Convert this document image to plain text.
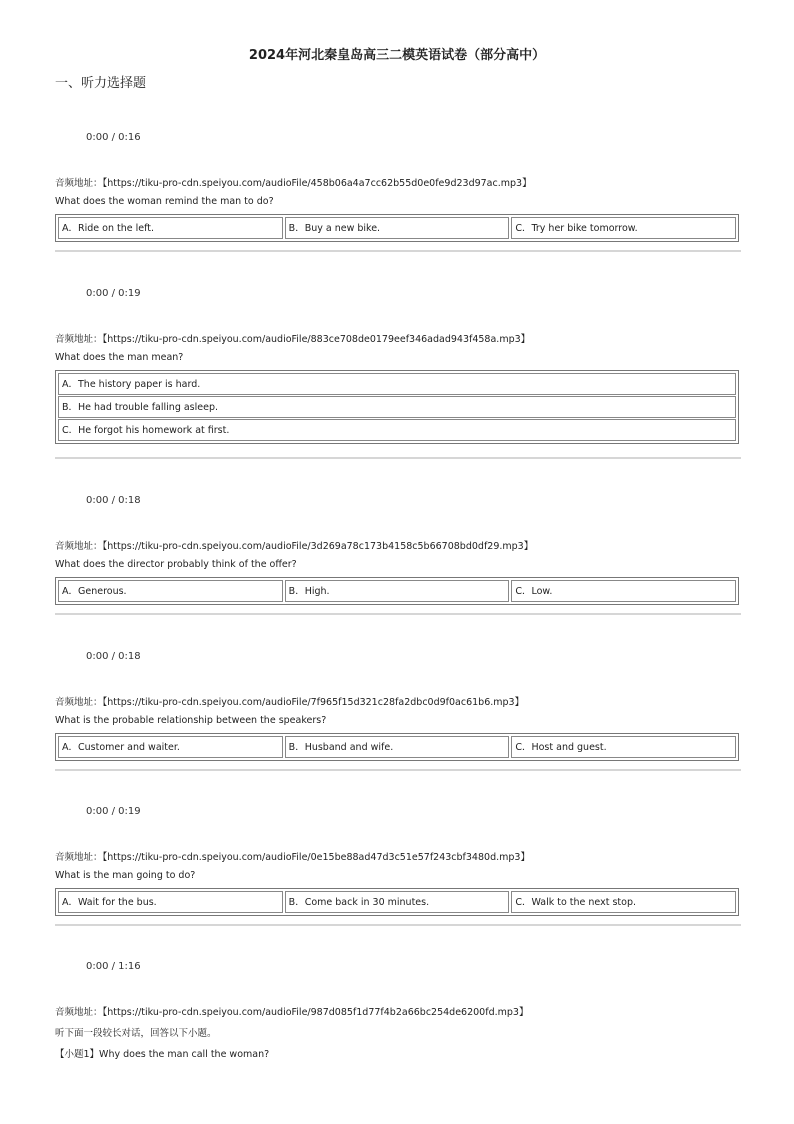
2024年河北秦皇岛高三二模英语试卷（部分高中）
一、听力选择题
0:00 / 0:16
音频地址：【https://tiku-pro-cdn.speiyou.com/audioFile/458b06a4a7cc62b55d0e0fe9d23d97ac.mp3】
What does the woman remind the man to do?
A．Ride on the left.	B．Buy a new bike.	C．Try her bike tomorrow.
0:00 / 0:19
音频地址：【https://tiku-pro-cdn.speiyou.com/audioFile/883ce708de0179eef346adad943f458a.mp3】
What does the man mean?
A．The history paper is hard.
B．He had trouble falling asleep.
C．He forgot his homework at first.
0:00 / 0:18
音频地址：【https://tiku-pro-cdn.speiyou.com/audioFile/3d269a78c173b4158c5b66708bd0df29.mp3】
What does the director probably think of the offer?
A．Generous.	B．High.	C．Low.
0:00 / 0:18
音频地址：【https://tiku-pro-cdn.speiyou.com/audioFile/7f965f15d321c28fa2dbc0d9f0ac61b6.mp3】
What is the probable relationship between the speakers?
A．Customer and waiter.	B．Husband and wife.	C．Host and guest.
0:00 / 0:19
音频地址：【https://tiku-pro-cdn.speiyou.com/audioFile/0e15be88ad47d3c51e57f243cbf3480d.mp3】
What is the man going to do?
A．Wait for the bus.	B．Come back in 30 minutes.	C．Walk to the next stop.
0:00 / 1:16
音频地址：【https://tiku-pro-cdn.speiyou.com/audioFile/987d085f1d77f4b2a66bc254de6200fd.mp3】
听下面一段较长对话，回答以下小题。
【小题1】Why does the man call the woman?
